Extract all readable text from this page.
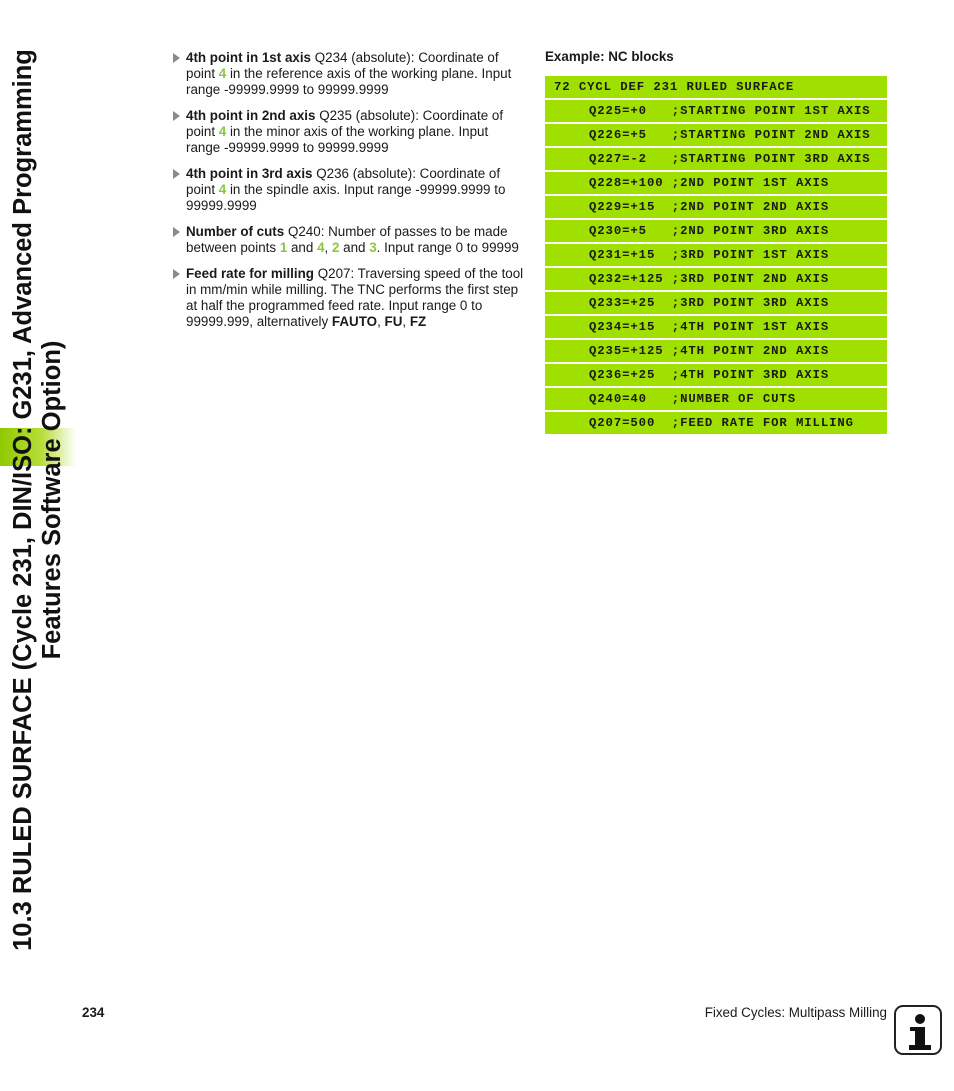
10.3 RULED SURFACE (Cycle 231, DIN/ISO: G231, Advanced Programming Features Software Option)
4th point in 1st axis Q234 (absolute): Coordinate of point 4 in the reference axis of the working plane. Input range -99999.9999 to 99999.9999
4th point in 2nd axis Q235 (absolute): Coordinate of point 4 in the minor axis of the working plane. Input range -99999.9999 to 99999.9999
4th point in 3rd axis Q236 (absolute): Coordinate of point 4 in the spindle axis. Input range -99999.9999 to 99999.9999
Number of cuts Q240: Number of passes to be made between points 1 and 4, 2 and 3. Input range 0 to 99999
Feed rate for milling Q207: Traversing speed of the tool in mm/min while milling. The TNC performs the first step at half the programmed feed rate. Input range 0 to 99999.999, alternatively FAUTO, FU, FZ
Example: NC blocks
72 CYCL DEF 231 RULED SURFACE
Q225=+0   ;STARTING POINT 1ST AXIS
Q226=+5   ;STARTING POINT 2ND AXIS
Q227=-2   ;STARTING POINT 3RD AXIS
Q228=+100 ;2ND POINT 1ST AXIS
Q229=+15  ;2ND POINT 2ND AXIS
Q230=+5   ;2ND POINT 3RD AXIS
Q231=+15  ;3RD POINT 1ST AXIS
Q232=+125 ;3RD POINT 2ND AXIS
Q233=+25  ;3RD POINT 3RD AXIS
Q234=+15  ;4TH POINT 1ST AXIS
Q235=+125 ;4TH POINT 2ND AXIS
Q236=+25  ;4TH POINT 3RD AXIS
Q240=40   ;NUMBER OF CUTS
Q207=500  ;FEED RATE FOR MILLING
234	Fixed Cycles: Multipass Milling
